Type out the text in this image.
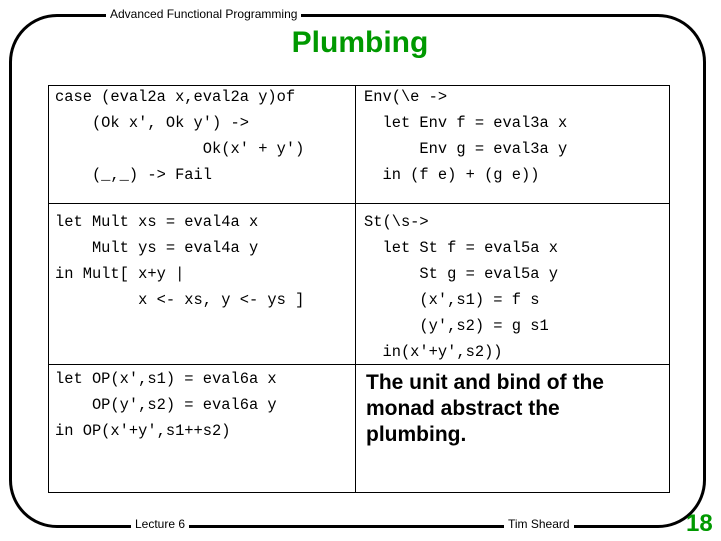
Advanced Functional Programming
Plumbing
case (eval2a x,eval2a y)of
(Ok x', Ok y') ->
Ok(x' + y')
(_,_) -> Fail
Env(\e ->
let Env f = eval3a x
Env g = eval3a y
in (f e) + (g e))
let Mult xs = eval4a x
Mult ys = eval4a y
in Mult[ x+y |
x <- xs, y <- ys ]
St(\s->
let St f = eval5a x
St g = eval5a y
(x',s1) = f s
(y',s2) = g s1
in(x'+y',s2))
let OP(x',s1) = eval6a x
OP(y',s2) = eval6a y
in OP(x'+y',s1++s2)
The unit and bind of the monad abstract the plumbing.
Lecture 6	Tim Sheard	18
